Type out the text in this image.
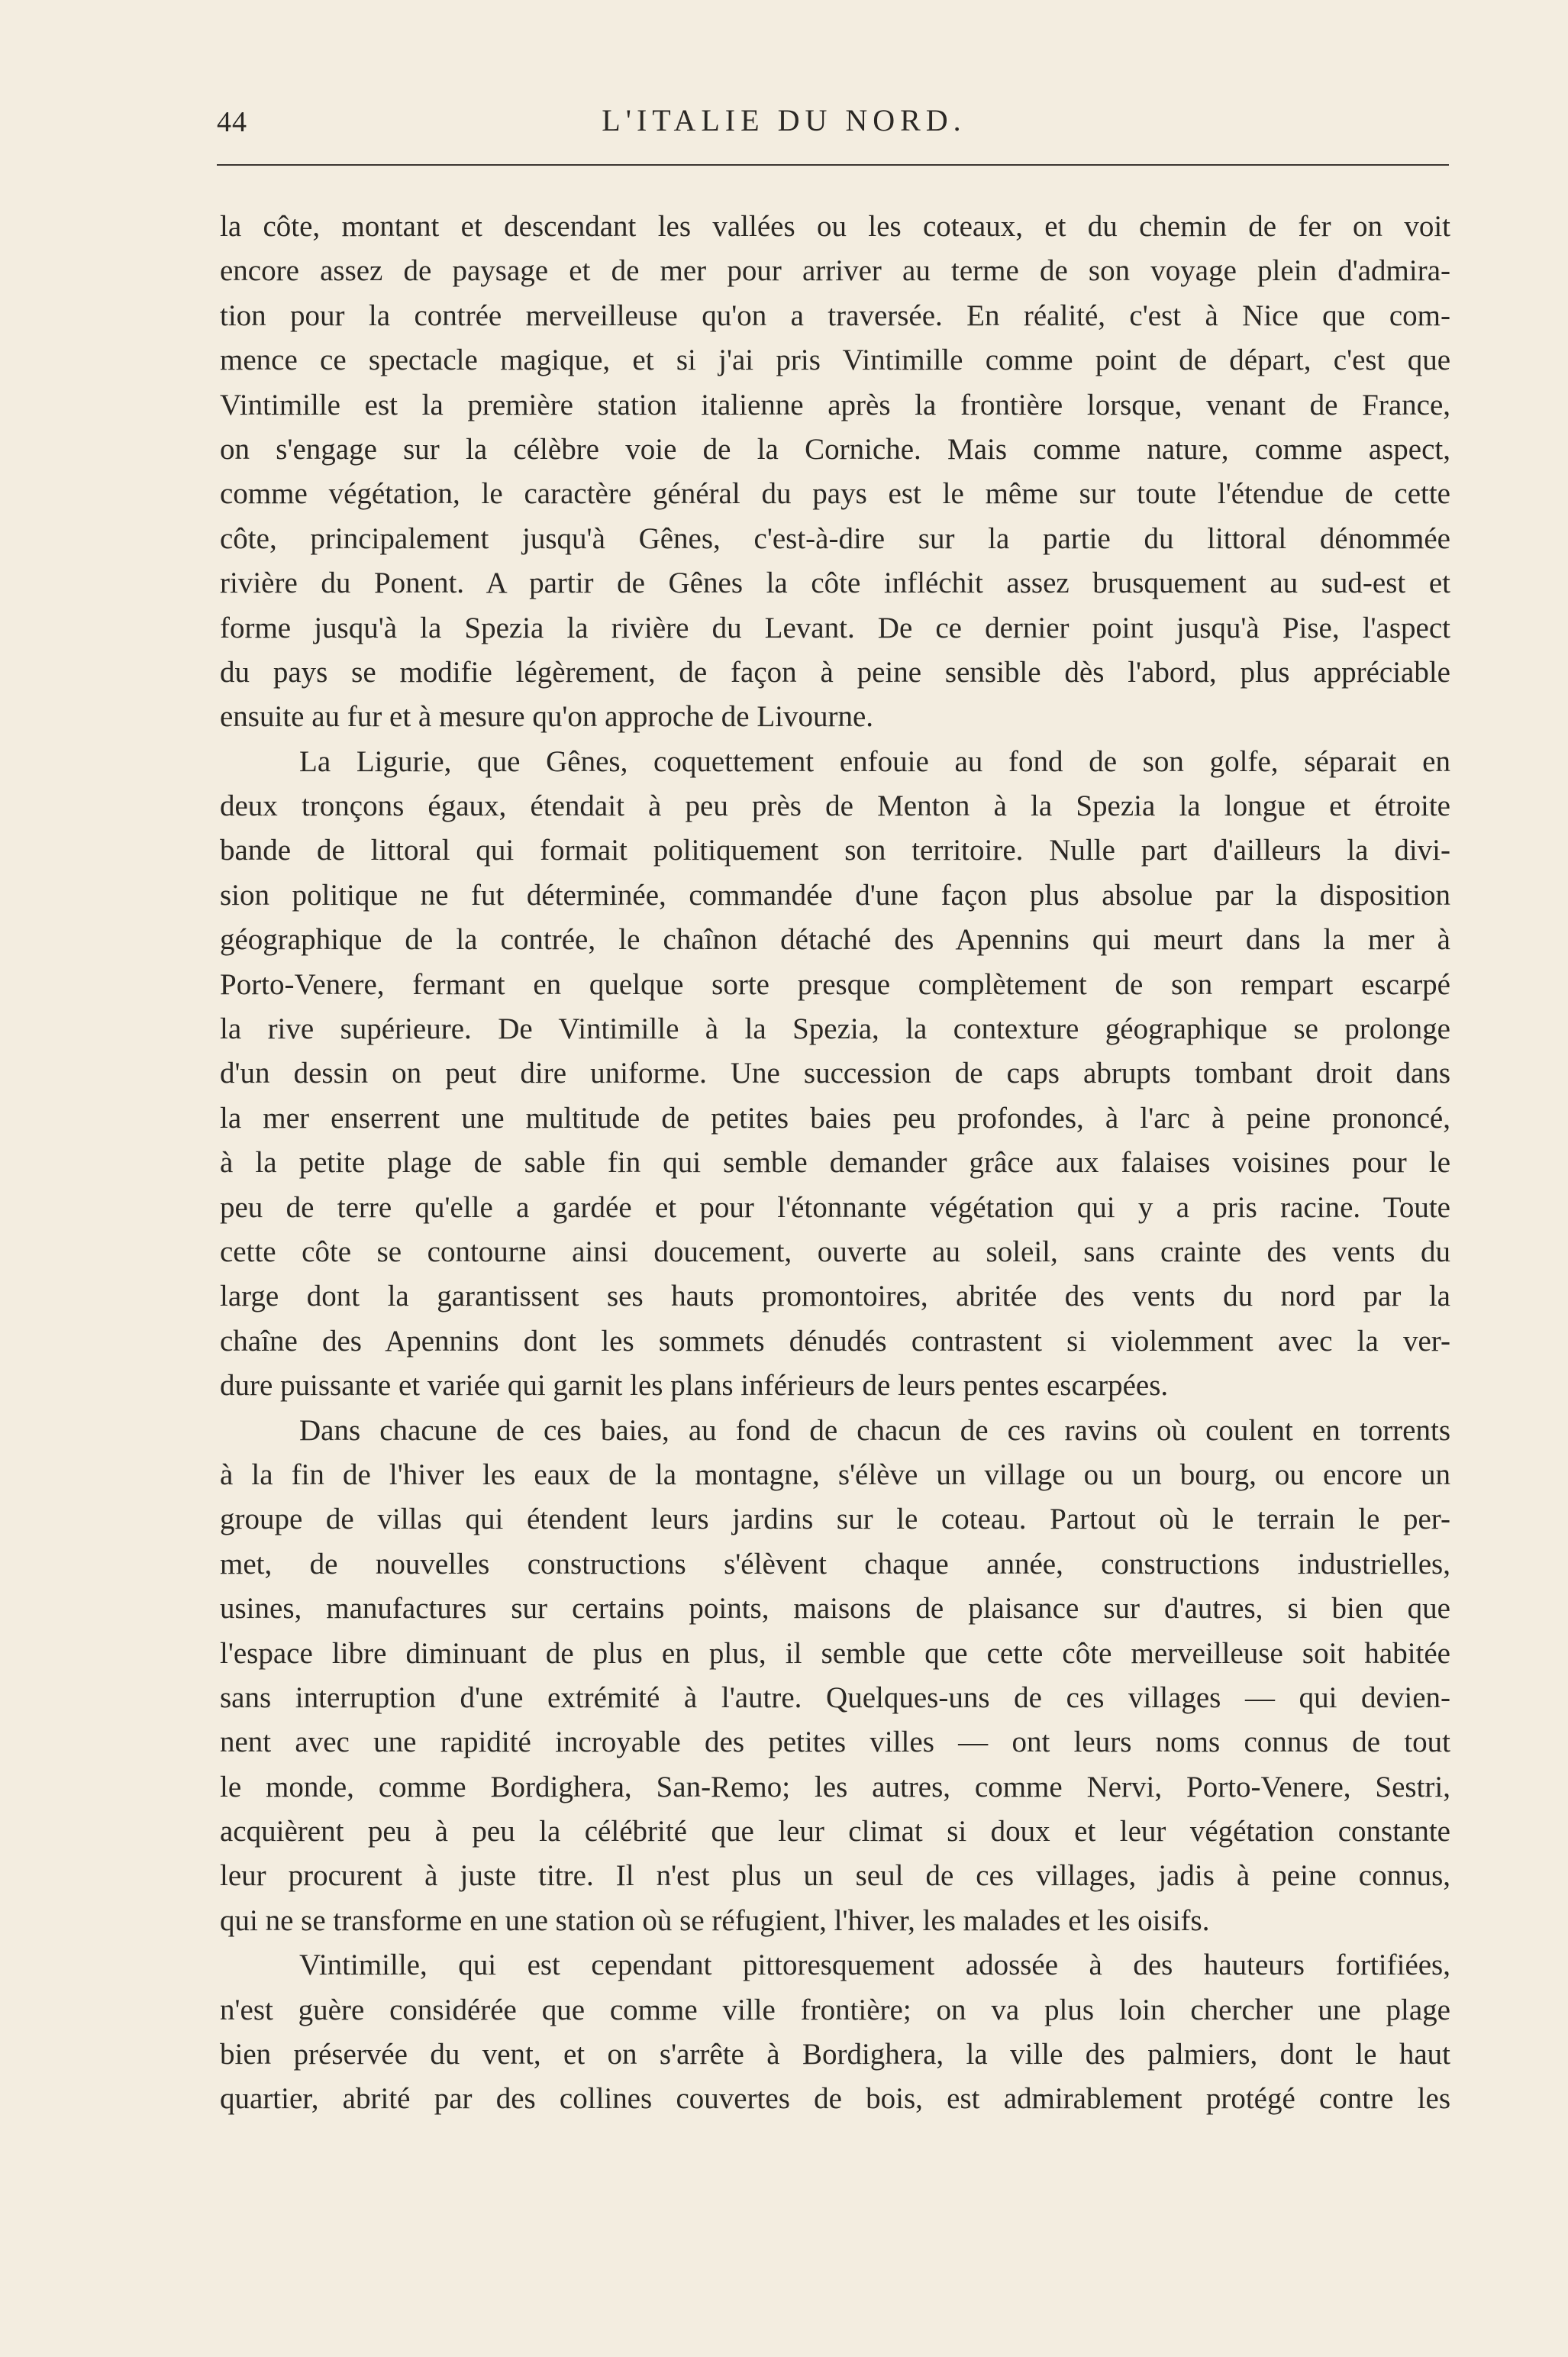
44	L'ITALIE DU NORD.
la côte, montant et descendant les vallées ou les coteaux, et du chemin de fer on voit
encore assez de paysage et de mer pour arriver au terme de son voyage plein d'admira-
tion pour la contrée merveilleuse qu'on a traversée. En réalité, c'est à Nice que com-
mence ce spectacle magique, et si j'ai pris Vintimille comme point de départ, c'est que
Vintimille est la première station italienne après la frontière lorsque, venant de France,
on s'engage sur la célèbre voie de la Corniche. Mais comme nature, comme aspect,
comme végétation, le caractère général du pays est le même sur toute l'étendue de cette
côte, principalement jusqu'à Gênes, c'est-à-dire sur la partie du littoral dénommée
rivière du Ponent. A partir de Gênes la côte infléchit assez brusquement au sud-est et
forme jusqu'à la Spezia la rivière du Levant. De ce dernier point jusqu'à Pise, l'aspect
du pays se modifie légèrement, de façon à peine sensible dès l'abord, plus appréciable
ensuite au fur et à mesure qu'on approche de Livourne.
La Ligurie, que Gênes, coquettement enfouie au fond de son golfe, séparait en
deux tronçons égaux, étendait à peu près de Menton à la Spezia la longue et étroite
bande de littoral qui formait politiquement son territoire. Nulle part d'ailleurs la divi-
sion politique ne fut déterminée, commandée d'une façon plus absolue par la disposition
géographique de la contrée, le chaînon détaché des Apennins qui meurt dans la mer à
Porto-Venere, fermant en quelque sorte presque complètement de son rempart escarpé
la rive supérieure. De Vintimille à la Spezia, la contexture géographique se prolonge
d'un dessin on peut dire uniforme. Une succession de caps abrupts tombant droit dans
la mer enserrent une multitude de petites baies peu profondes, à l'arc à peine prononcé,
à la petite plage de sable fin qui semble demander grâce aux falaises voisines pour le
peu de terre qu'elle a gardée et pour l'étonnante végétation qui y a pris racine. Toute
cette côte se contourne ainsi doucement, ouverte au soleil, sans crainte des vents du
large dont la garantissent ses hauts promontoires, abritée des vents du nord par la
chaîne des Apennins dont les sommets dénudés contrastent si violemment avec la ver-
dure puissante et variée qui garnit les plans inférieurs de leurs pentes escarpées.
Dans chacune de ces baies, au fond de chacun de ces ravins où coulent en torrents
à la fin de l'hiver les eaux de la montagne, s'élève un village ou un bourg, ou encore un
groupe de villas qui étendent leurs jardins sur le coteau. Partout où le terrain le per-
met, de nouvelles constructions s'élèvent chaque année, constructions industrielles,
usines, manufactures sur certains points, maisons de plaisance sur d'autres, si bien que
l'espace libre diminuant de plus en plus, il semble que cette côte merveilleuse soit habitée
sans interruption d'une extrémité à l'autre. Quelques-uns de ces villages — qui devien-
nent avec une rapidité incroyable des petites villes — ont leurs noms connus de tout
le monde, comme Bordighera, San-Remo; les autres, comme Nervi, Porto-Venere, Sestri,
acquièrent peu à peu la célébrité que leur climat si doux et leur végétation constante
leur procurent à juste titre. Il n'est plus un seul de ces villages, jadis à peine connus,
qui ne se transforme en une station où se réfugient, l'hiver, les malades et les oisifs.
Vintimille, qui est cependant pittoresquement adossée à des hauteurs fortifiées,
n'est guère considérée que comme ville frontière; on va plus loin chercher une plage
bien préservée du vent, et on s'arrête à Bordighera, la ville des palmiers, dont le haut
quartier, abrité par des collines couvertes de bois, est admirablement protégé contre les
